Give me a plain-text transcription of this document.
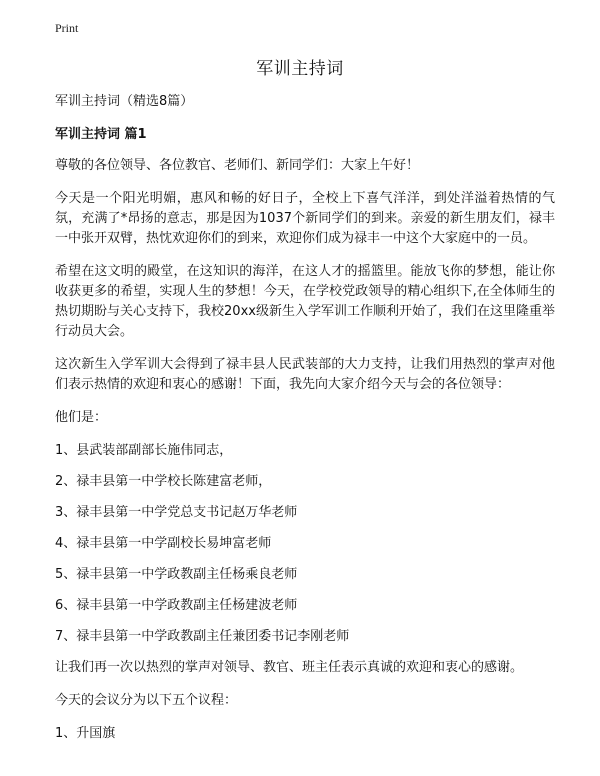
Print
军训主持词

军训主持词（精选8篇）

军训主持词 篇1

尊敬的各位领导、各位教官、老师们、新同学们：大家上午好！

今天是一个阳光明媚，惠风和畅的好日子，全校上下喜气洋洋，到处洋溢着热情的气氛，充满了*昂扬的意志，那是因为1037个新同学们的到来。亲爱的新生朋友们，禄丰一中张开双臂，热忱欢迎你们的到来，欢迎你们成为禄丰一中这个大家庭中的一员。

希望在这文明的殿堂，在这知识的海洋，在这人才的摇篮里。能放飞你的梦想，能让你收获更多的希望，实现人生的梦想！今天，在学校党政领导的精心组织下,在全体师生的热切期盼与关心支持下，我校20xx级新生入学军训工作顺利开始了，我们在这里隆重举行动员大会。

这次新生入学军训大会得到了禄丰县人民武装部的大力支持，让我们用热烈的掌声对他们表示热情的欢迎和衷心的感谢！下面，我先向大家介绍今天与会的各位领导：

他们是：

1、县武装部副部长施伟同志，

2、禄丰县第一中学校长陈建富老师，

3、禄丰县第一中学党总支书记赵万华老师

4、禄丰县第一中学副校长易坤富老师

5、禄丰县第一中学政教副主任杨乘良老师

6、禄丰县第一中学政教副主任杨建波老师

7、禄丰县第一中学政教副主任兼团委书记李刚老师

让我们再一次以热烈的掌声对领导、教官、班主任表示真诚的欢迎和衷心的感谢。

今天的会议分为以下五个议程：

1、升国旗
